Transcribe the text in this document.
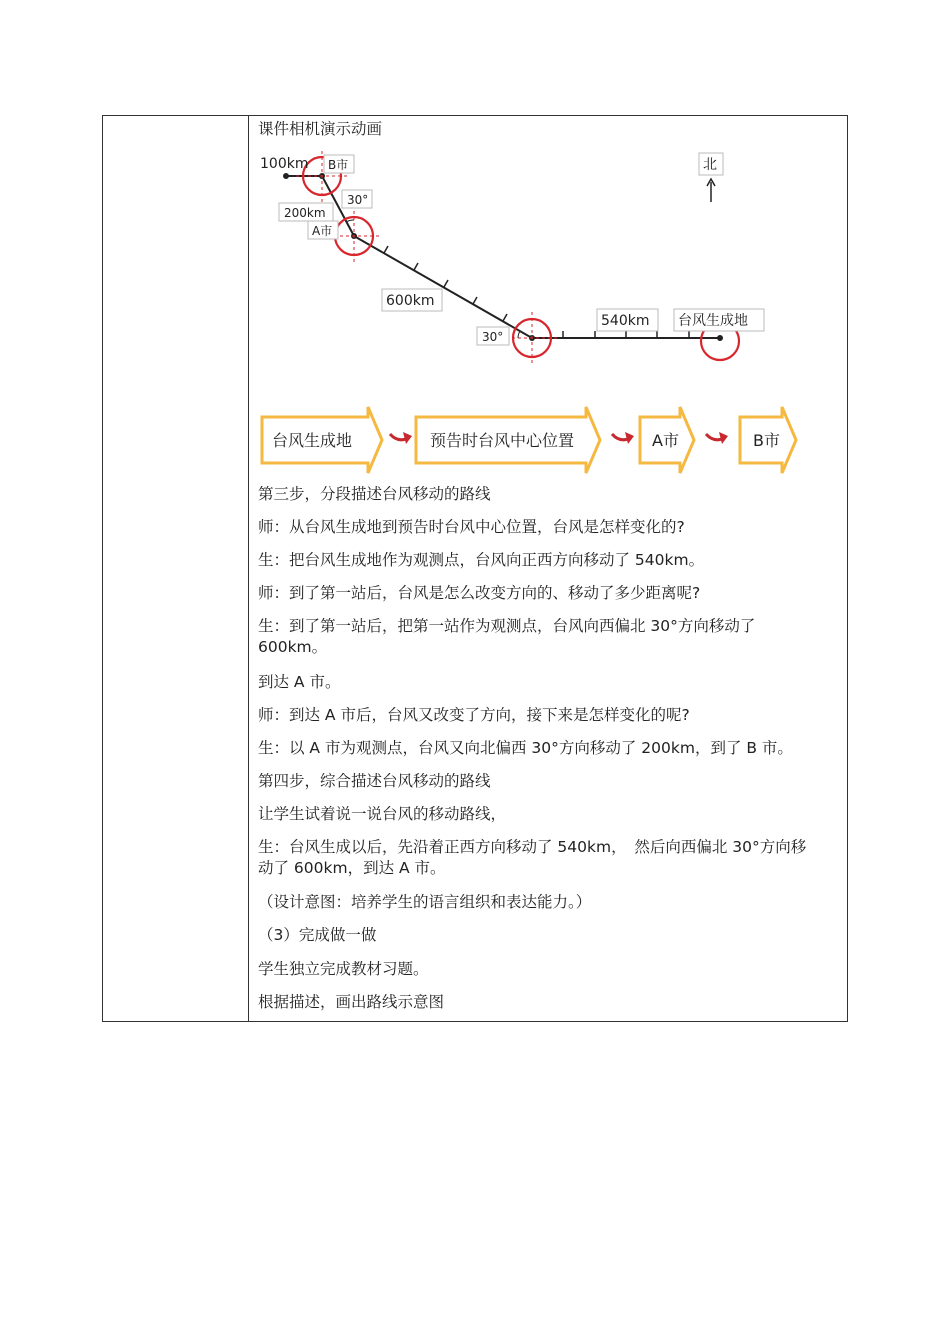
课件相机演示动画

100km B市
30°
200km
A市
600km
30°
540km 台风生成地
北
台风生成地	预告时台风中心位置	A市	B市

第三步，分段描述台风移动的路线

师：从台风生成地到预告时台风中心位置，台风是怎样变化的?

生：把台风生成地作为观测点，台风向正西方向移动了 540km。

师：到了第一站后，台风是怎么改变方向的、移动了多少距离呢?

生：到了第一站后，把第一站作为观测点，台风向西偏北 30°方向移动了

600km。

到达 A 市。

师：到达 A 市后，台风又改变了方向，接下来是怎样变化的呢?

生：以 A 市为观测点，台风又向北偏西 30°方向移动了 200km，到了 B 市。

第四步，综合描述台风移动的路线

让学生试着说一说台风的移动路线，

生：台风生成以后，先沿着正西方向移动了 540km，　然后向西偏北 30°方向移

动了 600km，到达 A 市。

（设计意图：培养学生的语言组织和表达能力。）

（3）完成做一做

学生独立完成教材习题。

根据描述，画出路线示意图
